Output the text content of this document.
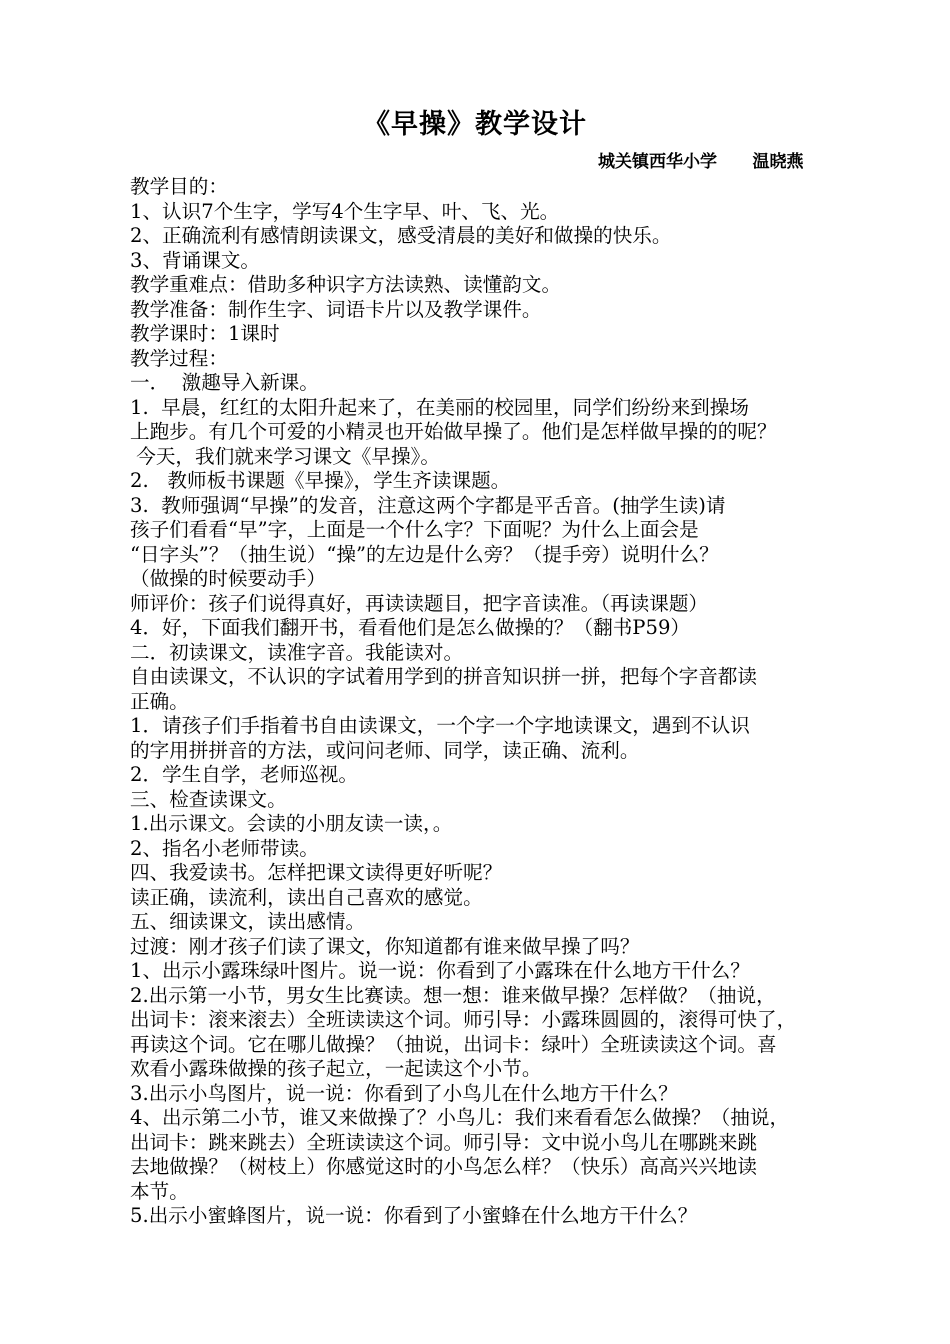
《早操》教学设计
城关镇西华小学      温晓燕
教学目的：
1、认识7个生字，学写4个生字早、叶、飞、光。
2、正确流利有感情朗读课文，感受清晨的美好和做操的快乐。
3、背诵课文。
教学重难点：借助多种识字方法读熟、读懂韵文。
教学准备：制作生字、词语卡片以及教学课件。
教学课时：1课时
教学过程：
一．  激趣导入新课。
1.  早晨，红红的太阳升起来了，在美丽的校园里，同学们纷纷来到操场
上跑步。有几个可爱的小精灵也开始做早操了。他们是怎样做早操的的呢？
今天，我们就来学习课文《早操》。
2.   教师板书课题《早操》，学生齐读课题。
3.  教师强调“早操”的发音，注意这两个字都是平舌音。(抽学生读)请
孩子们看看“早”字，上面是一个什么字？下面呢？为什么上面会是
“日字头”？（抽生说）“操”的左边是什么旁？（提手旁）说明什么？
（做操的时候要动手）
师评价：孩子们说得真好，再读读题目，把字音读准。（再读课题）
4．好，下面我们翻开书，看看他们是怎么做操的？（翻书P59）
二．初读课文，读准字音。我能读对。
自由读课文，不认识的字试着用学到的拼音知识拼一拼，把每个字音都读
正确。
1．请孩子们手指着书自由读课文，一个字一个字地读课文，遇到不认识
的字用拼拼音的方法，或问问老师、同学，读正确、流利。
2．学生自学，老师巡视。
三、检查读课文。
1.出示课文。会读的小朋友读一读，。
2、指名小老师带读。
四、我爱读书。怎样把课文读得更好听呢？
读正确，读流利，读出自己喜欢的感觉。
五、细读课文，读出感情。
过渡：刚才孩子们读了课文，你知道都有谁来做早操了吗？
1、出示小露珠绿叶图片。说一说：你看到了小露珠在什么地方干什么？
2.出示第一小节，男女生比赛读。想一想：谁来做早操？怎样做？（抽说，
出词卡：滚来滚去）全班读读这个词。师引导：小露珠圆圆的，滚得可快了，
再读这个词。它在哪儿做操？（抽说，出词卡：绿叶）全班读读这个词。喜
欢看小露珠做操的孩子起立，一起读这个小节。
3.出示小鸟图片，说一说：你看到了小鸟儿在什么地方干什么？
4、出示第二小节，谁又来做操了？小鸟儿：我们来看看怎么做操？（抽说，
出词卡：跳来跳去）全班读读这个词。师引导：文中说小鸟儿在哪跳来跳
去地做操？（树枝上）你感觉这时的小鸟怎么样？（快乐）高高兴兴地读
本节。
5.出示小蜜蜂图片，说一说：你看到了小蜜蜂在什么地方干什么？
